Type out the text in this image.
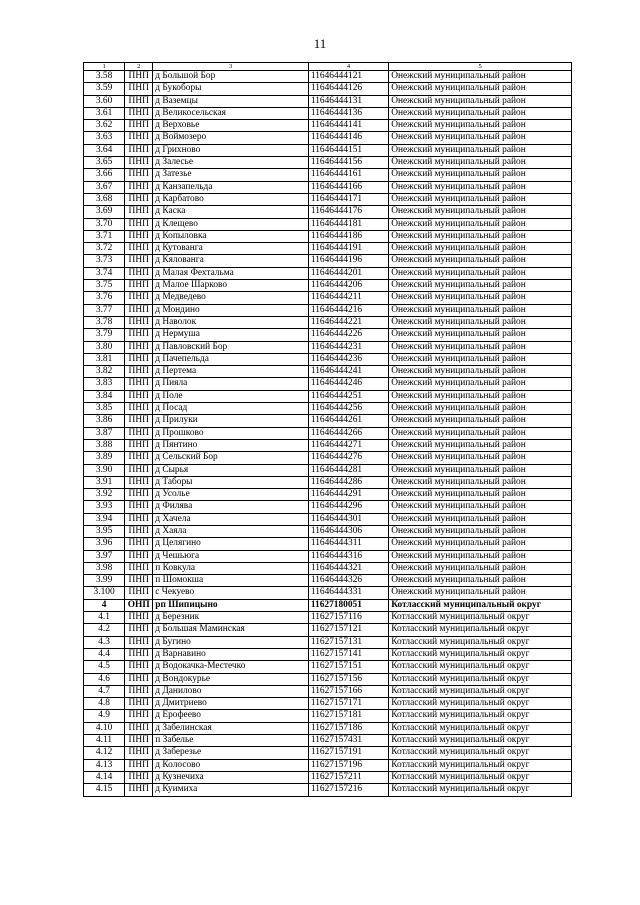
11
1	2	3	4	5
3.58	ПНП	д Большой Бор	11646444121	Онежский муниципальный район
3.59	ПНП	д Букоборы	11646444126	Онежский муниципальный район
3.60	ПНП	д Ваземцы	11646444131	Онежский муниципальный район
3.61	ПНП	д Великосельская	11646444136	Онежский муниципальный район
3.62	ПНП	д Верховье	11646444141	Онежский муниципальный район
3.63	ПНП	д Воймозеро	11646444146	Онежский муниципальный район
3.64	ПНП	д Грихново	11646444151	Онежский муниципальный район
3.65	ПНП	д Залесье	11646444156	Онежский муниципальный район
3.66	ПНП	д Затезье	11646444161	Онежский муниципальный район
3.67	ПНП	д Канзапельда	11646444166	Онежский муниципальный район
3.68	ПНП	д Карбатово	11646444171	Онежский муниципальный район
3.69	ПНП	д Каска	11646444176	Онежский муниципальный район
3.70	ПНП	д Клещево	11646444181	Онежский муниципальный район
3.71	ПНП	д Копыловка	11646444186	Онежский муниципальный район
3.72	ПНП	д Кутованга	11646444191	Онежский муниципальный район
3.73	ПНП	д Кялованга	11646444196	Онежский муниципальный район
3.74	ПНП	д Малая Фехтальма	11646444201	Онежский муниципальный район
3.75	ПНП	д Малое Шарково	11646444206	Онежский муниципальный район
3.76	ПНП	д Медведево	11646444211	Онежский муниципальный район
3.77	ПНП	д Мондино	11646444216	Онежский муниципальный район
3.78	ПНП	д Наволок	11646444221	Онежский муниципальный район
3.79	ПНП	д Нермуша	11646444226	Онежский муниципальный район
3.80	ПНП	д Павловский Бор	11646444231	Онежский муниципальный район
3.81	ПНП	д Пачепельда	11646444236	Онежский муниципальный район
3.82	ПНП	д Пертема	11646444241	Онежский муниципальный район
3.83	ПНП	д Пияла	11646444246	Онежский муниципальный район
3.84	ПНП	д Поле	11646444251	Онежский муниципальный район
3.85	ПНП	д Посад	11646444256	Онежский муниципальный район
3.86	ПНП	д Прилуки	11646444261	Онежский муниципальный район
3.87	ПНП	д Прошково	11646444266	Онежский муниципальный район
3.88	ПНП	д Пянтино	11646444271	Онежский муниципальный район
3.89	ПНП	д Сельский Бор	11646444276	Онежский муниципальный район
3.90	ПНП	д Сырья	11646444281	Онежский муниципальный район
3.91	ПНП	д Таборы	11646444286	Онежский муниципальный район
3.92	ПНП	д Усолье	11646444291	Онежский муниципальный район
3.93	ПНП	д Филява	11646444296	Онежский муниципальный район
3.94	ПНП	д Хачела	11646444301	Онежский муниципальный район
3.95	ПНП	д Хаяла	11646444306	Онежский муниципальный район
3.96	ПНП	д Целягино	11646444311	Онежский муниципальный район
3.97	ПНП	д Чешьюга	11646444316	Онежский муниципальный район
3.98	ПНП	п Ковкула	11646444321	Онежский муниципальный район
3.99	ПНП	п Шомокша	11646444326	Онежский муниципальный район
3.100	ПНП	с Чекуево	11646444331	Онежский муниципальный район
4	ОНП	рп Шипицыно	11627180051	Котласский муниципальный округ
4.1	ПНП	д Березник	11627157116	Котласский муниципальный округ
4.2	ПНП	д Большая Маминская	11627157121	Котласский муниципальный округ
4.3	ПНП	д Бугино	11627157131	Котласский муниципальный округ
4.4	ПНП	д Варнавино	11627157141	Котласский муниципальный округ
4.5	ПНП	д Водокачка-Местечко	11627157151	Котласский муниципальный округ
4.6	ПНП	д Вондокурье	11627157156	Котласский муниципальный округ
4.7	ПНП	д Данилово	11627157166	Котласский муниципальный округ
4.8	ПНП	д Дмитриево	11627157171	Котласский муниципальный округ
4.9	ПНП	д Ерофеево	11627157181	Котласский муниципальный округ
4.10	ПНП	д Забелинская	11627157186	Котласский муниципальный округ
4.11	ПНП	п Забелье	11627157431	Котласский муниципальный округ
4.12	ПНП	д Заберезье	11627157191	Котласский муниципальный округ
4.13	ПНП	д Колосово	11627157196	Котласский муниципальный округ
4.14	ПНП	д Кузнечиха	11627157211	Котласский муниципальный округ
4.15	ПНП	д Куимиха	11627157216	Котласский муниципальный округ
